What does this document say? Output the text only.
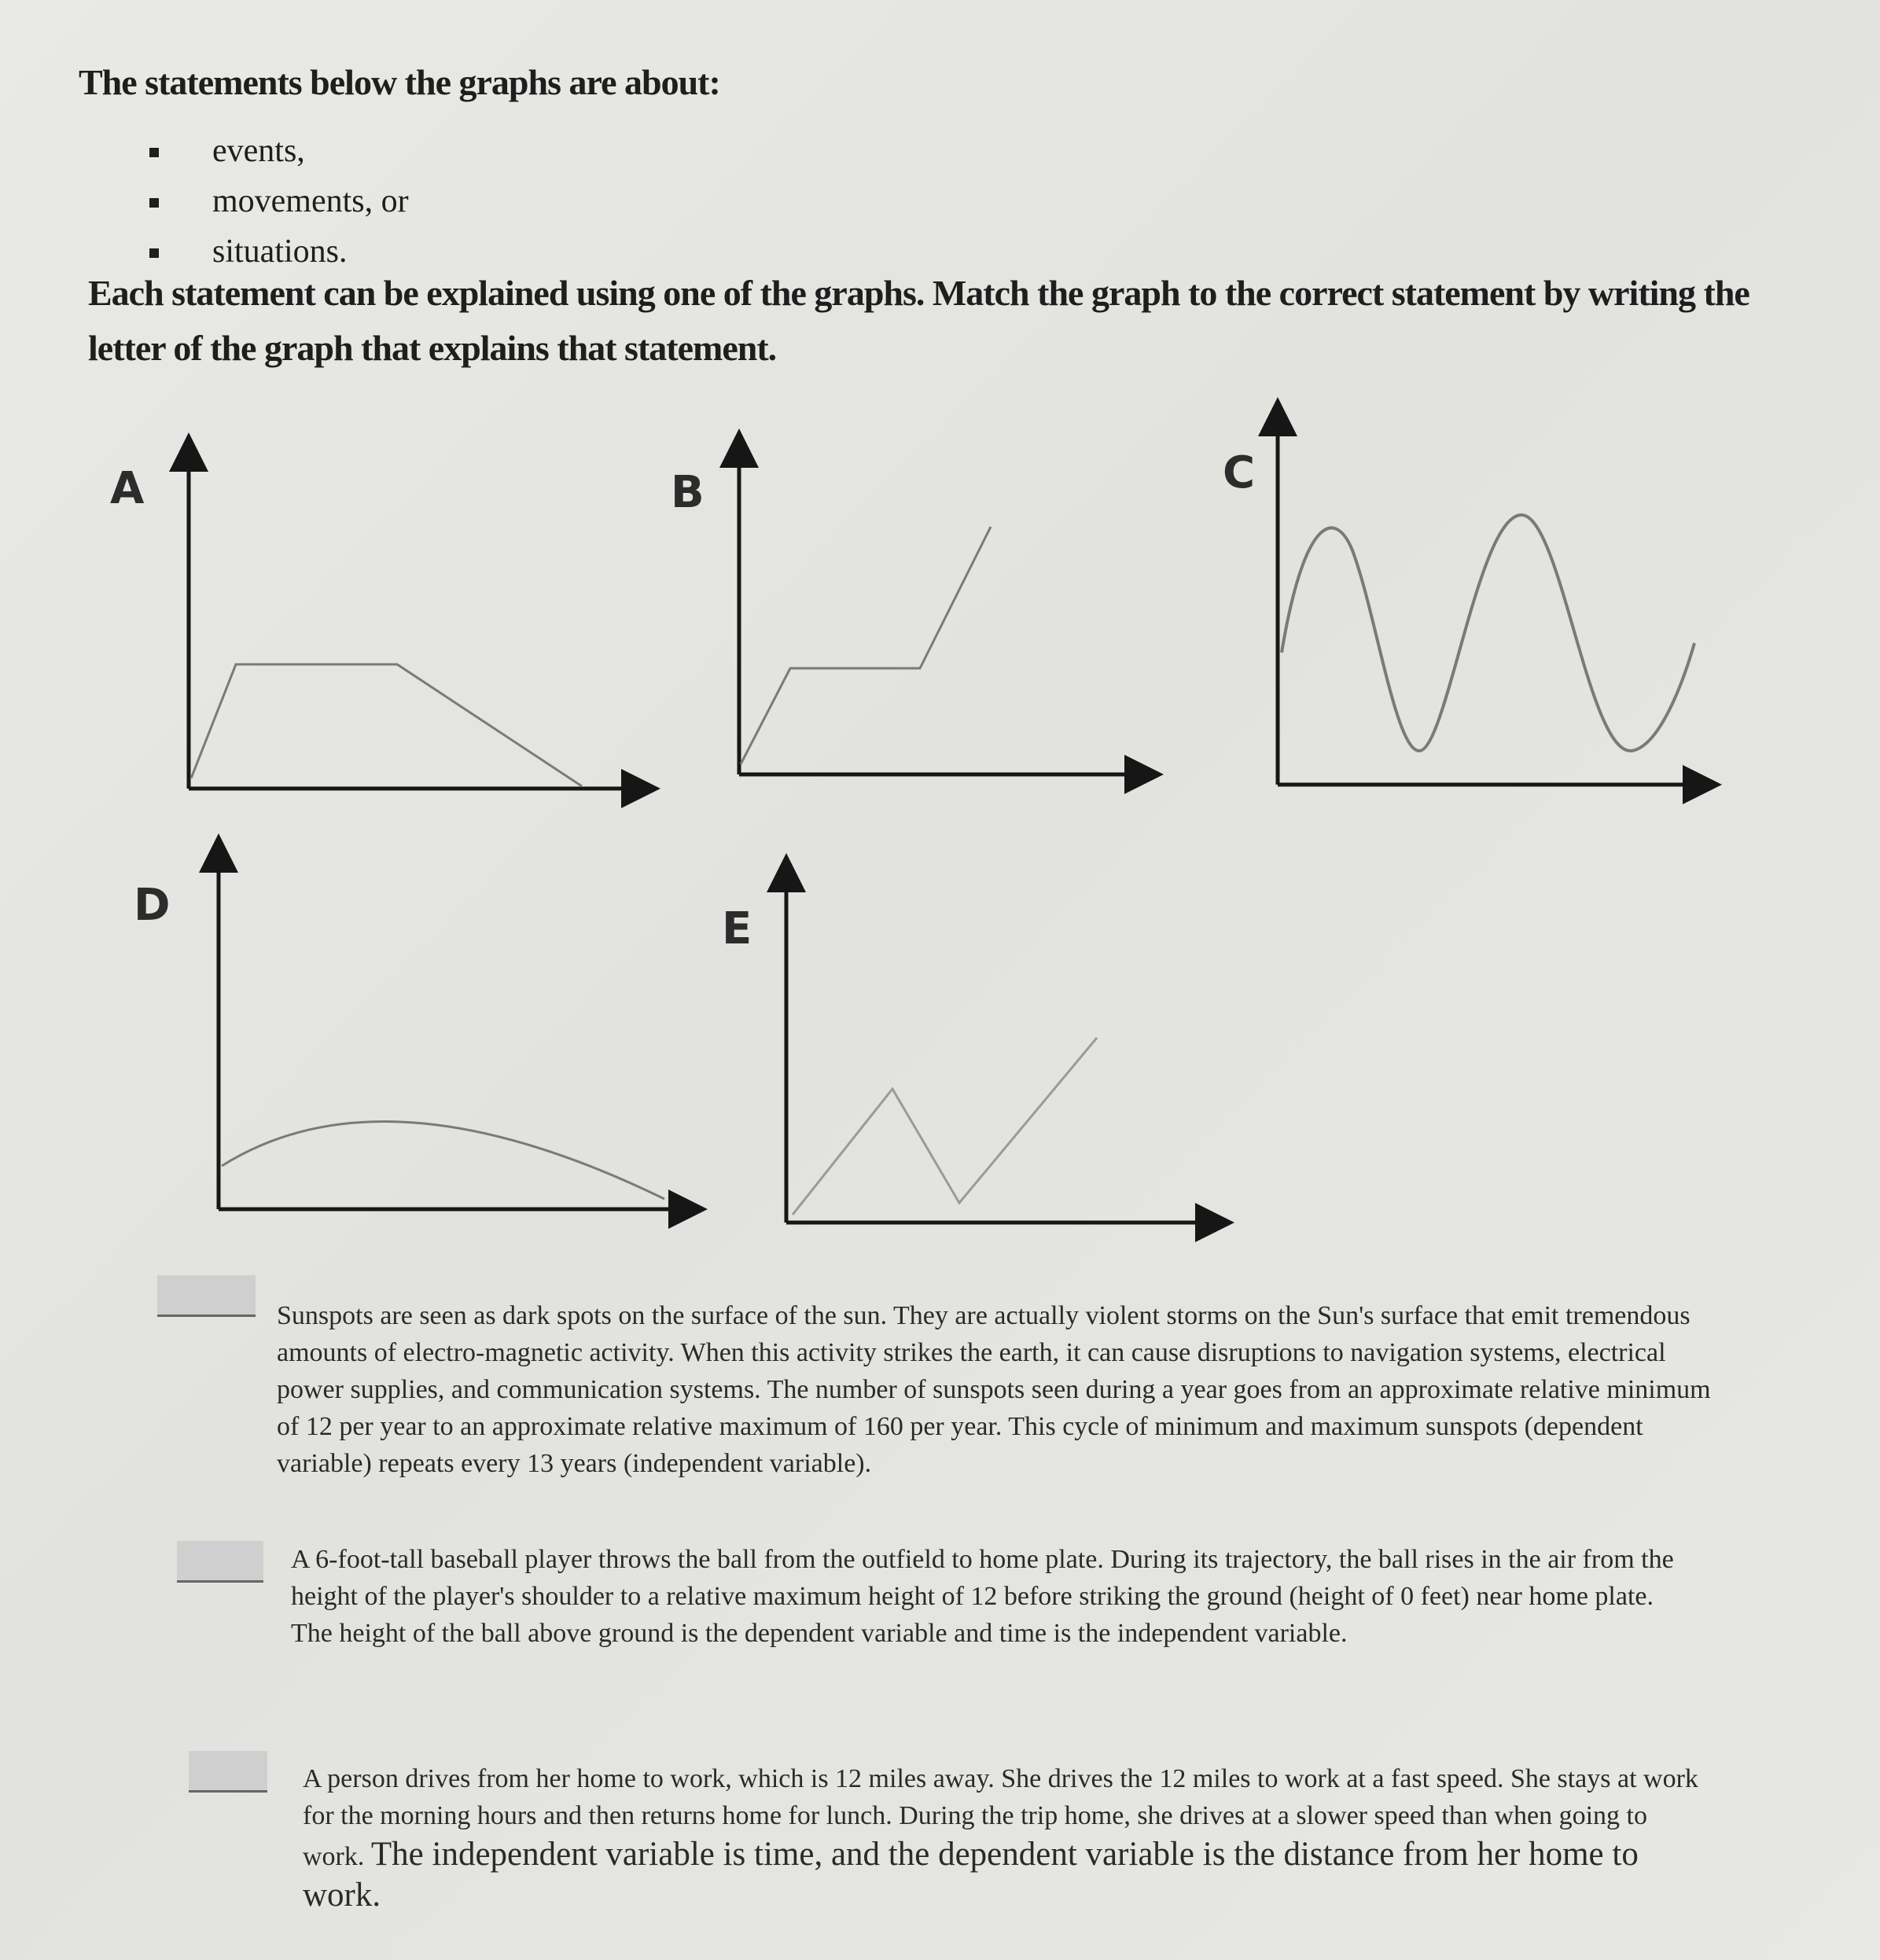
The statements below the graphs are about:
events,
movements, or
situations.
Each statement can be explained using one of the graphs. Match the graph to the correct statement by writing the letter of the graph that explains that statement.
A	B	C
D	E
Sunspots are seen as dark spots on the surface of the sun. They are actually violent storms on the Sun's surface that emit tremendous amounts of electro-magnetic activity. When this activity strikes the earth, it can cause disruptions to navigation systems, electrical power supplies, and communication systems. The number of sunspots seen during a year goes from an approximate relative minimum of 12 per year to an approximate relative maximum of 160 per year. This cycle of minimum and maximum sunspots (dependent variable) repeats every 13 years (independent variable).
A 6-foot-tall baseball player throws the ball from the outfield to home plate. During its trajectory, the ball rises in the air from the height of the player's shoulder to a relative maximum height of 12 before striking the ground (height of 0 feet) near home plate. The height of the ball above ground is the dependent variable and time is the independent variable.
A person drives from her home to work, which is 12 miles away. She drives the 12 miles to work at a fast speed. She stays at work for the morning hours and then returns home for lunch. During the trip home, she drives at a slower speed than when going to work. The independent variable is time, and the dependent variable is the distance from her home to work.
